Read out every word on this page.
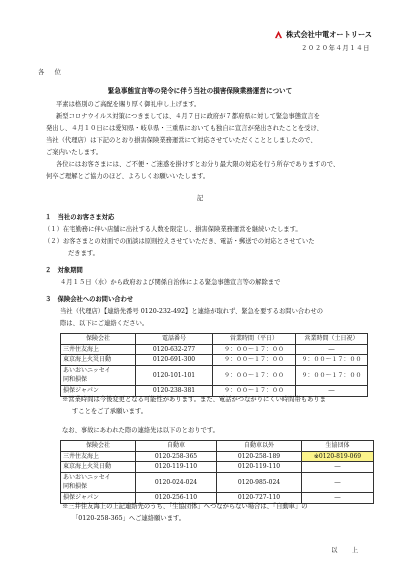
株式会社中電オートリース
２０２０年４月１４日
各　位
緊急事態宣言等の発令に伴う当社の損害保険業務運営について
平素は格別のご高配を賜り厚く御礼申し上げます。
新型コロナウイルス対策につきましては、４月７日に政府が７都府県に対して緊急事態宣言を
発出し、４月１０日には愛知県・岐阜県・三重県においても独自に宣言が発出されたことを受け、
当社（代理店）は下記のとおり損害保険業務運営にて対応させていただくこととしましたので、
ご案内いたします。
各位にはお客さまには、ご不便・ご迷惑を掛けすとお分り最大限の対応を行う所存でありますので、
何卒ご理解とご協力のほど、よろしくお願いいたします。
記
１　当社のお客さま対応
（１）在宅勤務に伴い店舗に出社する人数を限定し、損害保険業務運営を継続いたします。
（２）お客さまとの対面での面談は原則控えさせていただき、電話・郵送での対応とさせていた
だきます。
２　対象期間
４月１５日（水）から政府および関係自治体による緊急事態宣言等の解除まで
３　保険会社へのお問い合わせ
当社（代理店）【連絡先番号 0120-232-492】と連絡が取れず、緊急を要するお問い合わせの
際は、以下にご連絡ください。
保険会社	電話番号	営業時間（平日）	営業時間（土日祝）
三井住友海上	0120-632-277	９：００～１７：００	―
東京海上火災日動	0120-691-300	９：００～１７：００	９：００～１７：００
あいおいニッセイ	0120-101-101	９：００～１７：００	９：００～１７：００
同和損保			
損保ジャパン	0120-238-381	９：００～１７：００	―
※営業時間は今後変更となる可能性があります。また、電話がつながりにくい時間帯もありま
すことをご了承願います。
なお、事故にあわれた際の連絡先は以下のとおりです。
保険会社	自動車	自動車以外	生協団体
三井住友海上	0120-258-365	0120-258-189	※0120-819-069
東京海上火災日動	0120-119-110	0120-119-110	―
あいおいニッセイ	0120-024-024	0120-985-024	―
同和損保			
損保ジャパン	0120-256-110	0120-727-110	―
※三井住友海上の上記連絡先のうち、「生協団体」へつながらない場合は、「自動車」の
「0120-258-365」へご連絡願います。
以　上
